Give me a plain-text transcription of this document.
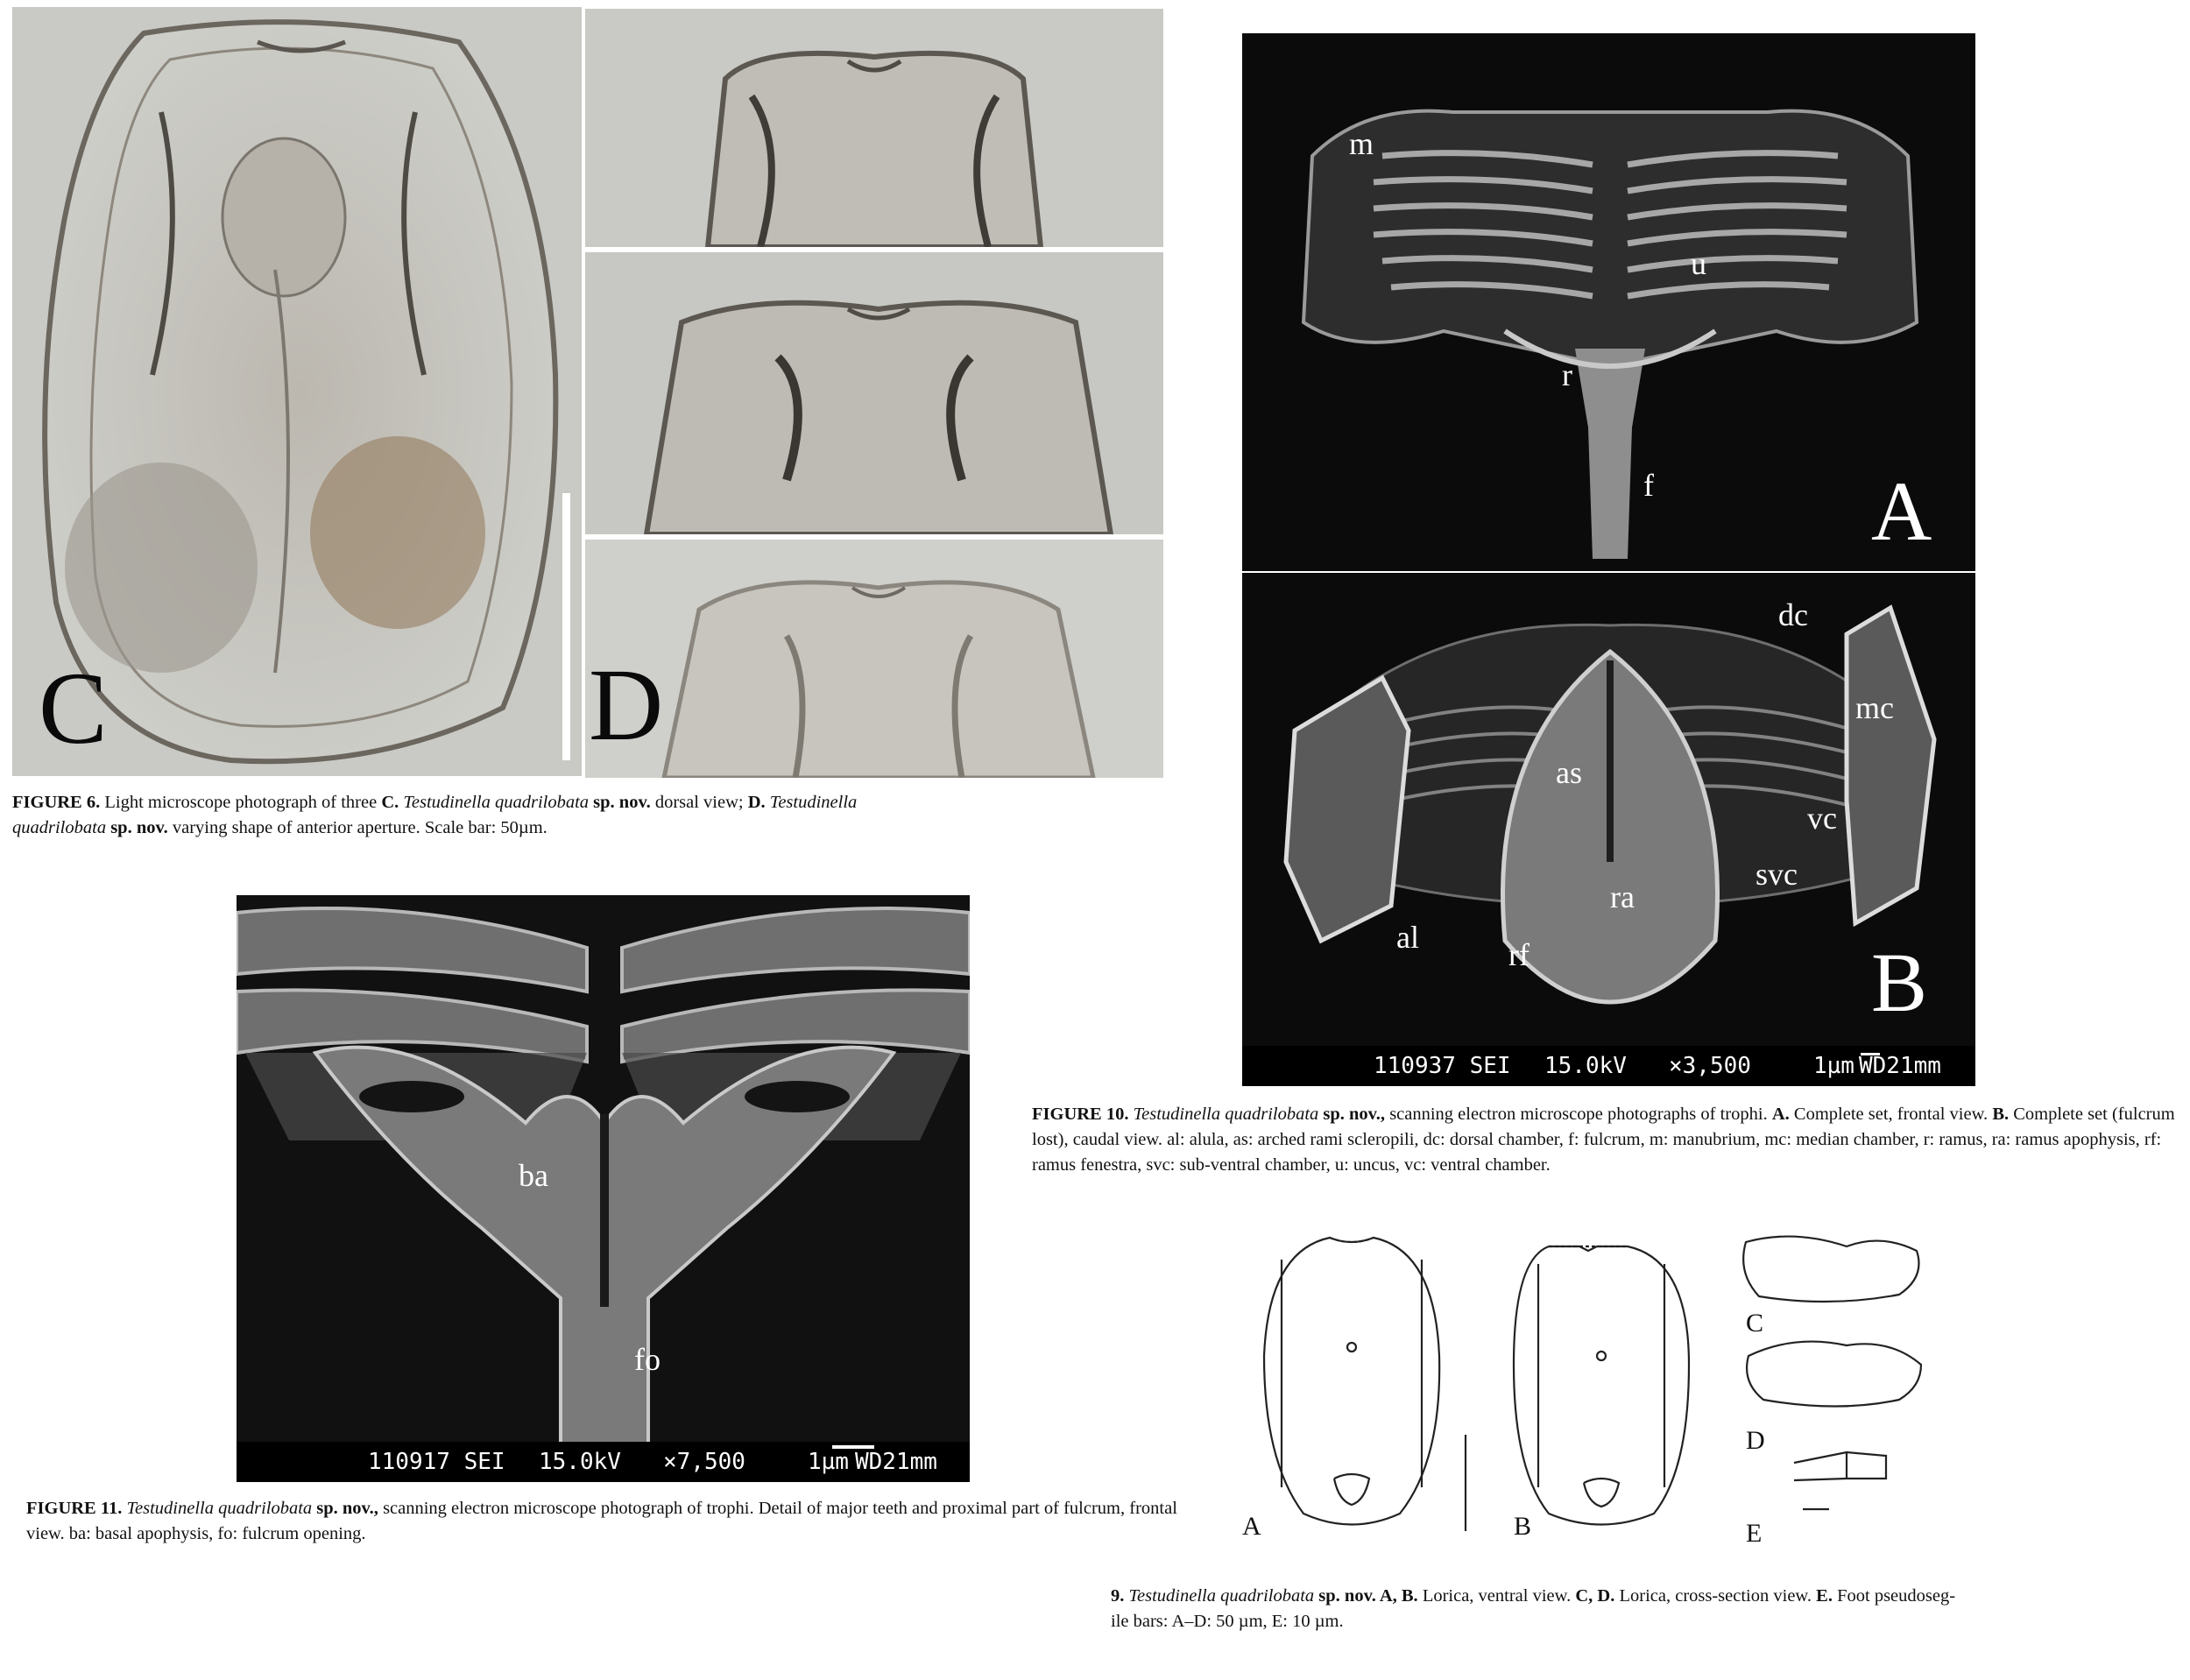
C	D
FIGURE 6. Light microscope photograph of three C. Testudinella quadrilobata sp. nov. dorsal view; D. Testudinella quadrilobata sp. nov. varying shape of anterior aperture. Scale bar: 50µm.
m
u
r
f	A
dc
mc
as
vc
svc
ra
al	rf	B
110937 SEI 15.0kV ×3,500	1µm WD21mm
FIGURE 10. Testudinella quadrilobata sp. nov., scanning electron microscope photographs of trophi. A. Complete set, frontal view. B. Complete set (fulcrum lost), caudal view. al: alula, as: arched rami scleropili, dc: dorsal chamber, f: fulcrum, m: manubrium, mc: median chamber, r: ramus, ra: ramus apophysis, rf: ramus fenestra, svc: sub-ventral chamber, u: uncus, vc: ventral chamber.
ba
fo
110917 SEI 15.0kV ×7,500	1µm WD21mm
FIGURE 11. Testudinella quadrilobata sp. nov., scanning electron microscope photograph of trophi. Detail of major teeth and proximal part of fulcrum, frontal view. ba: basal apophysis, fo: fulcrum opening.	A	B
C
D
E
9. Testudinella quadrilobata sp. nov. A, B. Lorica, ventral view. C, D. Lorica, cross-section view. E. Foot pseudoseg-
ile bars: A–D: 50 µm, E: 10 µm.
